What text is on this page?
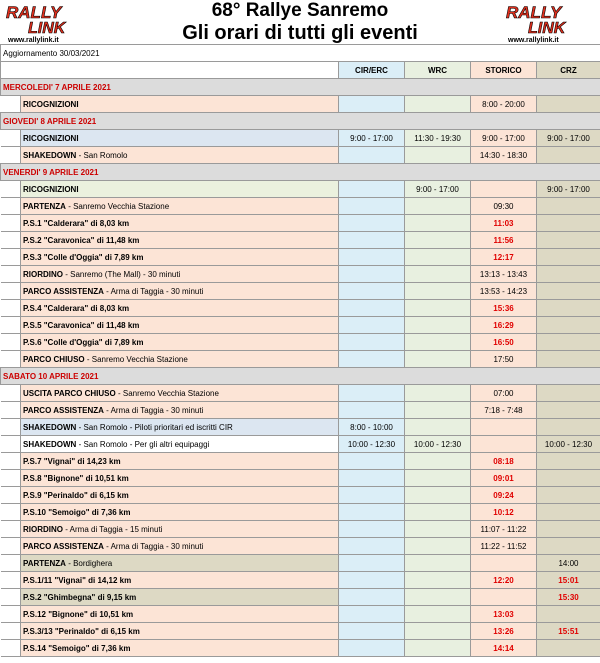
RALLY
LINK
www.rallylink.it
68° Rallye Sanremo
Gli orari di tutti gli eventi
RALLY
LINK
www.rallylink.it
Aggiornamento 30/03/2021					
		CIR/ERC	WRC	STORICO	CRZ
MERCOLEDI' 7 APRILE 2021					
	RICOGNIZIONI			8:00 - 20:00	
GIOVEDI' 8 APRILE 2021					
	RICOGNIZIONI	9:00 - 17:00	11:30 - 19:30	9:00 - 17:00	9:00 - 17:00
	SHAKEDOWN - San Romolo			14:30 - 18:30	
VENERDI' 9 APRILE 2021					
	RICOGNIZIONI		9:00 - 17:00		9:00 - 17:00
	PARTENZA - Sanremo Vecchia Stazione			09:30	
	P.S.1 "Calderara" di 8,03 km			11:03	
	P.S.2 "Caravonica" di 11,48 km			11:56	
	P.S.3 "Colle d'Oggia" di 7,89 km			12:17	
	RIORDINO - Sanremo (The Mall) - 30 minuti			13:13 - 13:43	
	PARCO ASSISTENZA - Arma di Taggia - 30 minuti			13:53 - 14:23	
	P.S.4 "Calderara" di 8,03 km			15:36	
	P.S.5 "Caravonica" di 11,48 km			16:29	
	P.S.6 "Colle d'Oggia" di 7,89 km			16:50	
	PARCO CHIUSO - Sanremo Vecchia Stazione			17:50	
SABATO 10 APRILE 2021					
	USCITA PARCO CHIUSO - Sanremo Vecchia Stazione			07:00	
	PARCO ASSISTENZA - Arma di Taggia - 30 minuti			7:18 - 7:48	
	SHAKEDOWN - San Romolo - Piloti prioritari ed iscritti CIR	8:00 - 10:00			
	SHAKEDOWN - San Romolo - Per gli altri equipaggi	10:00 - 12:30	10:00 - 12:30		10:00 - 12:30
	P.S.7 "Vignai" di 14,23 km			08:18	
	P.S.8 "Bignone" di 10,51 km			09:01	
	P.S.9 "Perinaldo" di 6,15 km			09:24	
	P.S.10 "Semoigo" di 7,36 km			10:12	
	RIORDINO - Arma di Taggia - 15 minuti			11:07 - 11:22	
	PARCO ASSISTENZA - Arma di Taggia - 30 minuti			11:22 - 11:52	
	PARTENZA - Bordighera				14:00
	P.S.1/11 "Vignai" di 14,12 km			12:20	15:01
	P.S.2 "Ghimbegna" di 9,15 km				15:30
	P.S.12 "Bignone" di 10,51 km			13:03	
	P.S.3/13 "Perinaldo" di 6,15 km			13:26	15:51
	P.S.14 "Semoigo" di 7,36 km			14:14	
